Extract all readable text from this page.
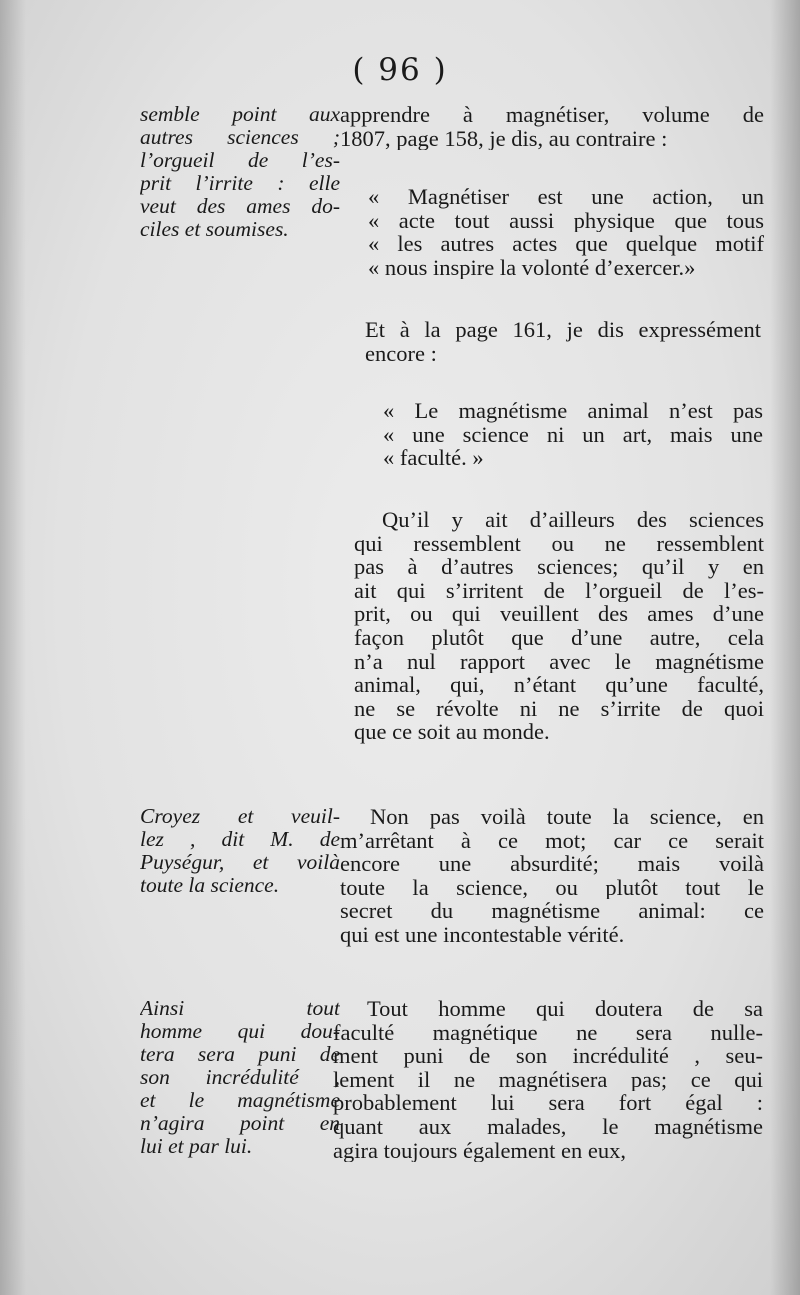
( 96 )
semble point aux
autres sciences ;
l’orgueil de l’es-
prit l’irrite : elle
veut des ames do-
ciles et soumises.
Croyez et veuil-
lez , dit M. de
Puységur, et voilà
toute la science.
Ainsi tout
homme qui dou-
tera sera puni de
son incrédulité ,
et le magnétisme
n’agira point en
lui et par lui.
apprendre à magnétiser, volume de
1807, page 158, je dis, au contraire :
« Magnétiser est une action, un
« acte tout aussi physique que tous
« les autres actes que quelque motif
« nous inspire la volonté d’exercer.»
Et à la page 161, je dis expressément
encore :
« Le magnétisme animal n’est pas
« une science ni un art, mais une
« faculté. »
Qu’il y ait d’ailleurs des sciences
qui ressemblent ou ne ressemblent
pas à d’autres sciences; qu’il y en
ait qui s’irritent de l’orgueil de l’es-
prit, ou qui veuillent des ames d’une
façon plutôt que d’une autre, cela
n’a nul rapport avec le magnétisme
animal, qui, n’étant qu’une faculté,
ne se révolte ni ne s’irrite de quoi
que ce soit au monde.
Non pas voilà toute la science, en
m’arrêtant à ce mot; car ce serait
encore une absurdité; mais voilà
toute la science, ou plutôt tout le
secret du magnétisme animal: ce
qui est une incontestable vérité.
Tout homme qui doutera de sa
faculté magnétique ne sera nulle-
ment puni de son incrédulité , seu-
lement il ne magnétisera pas; ce qui
probablement lui sera fort égal :
quant aux malades, le magnétisme
agira toujours également en eux,
